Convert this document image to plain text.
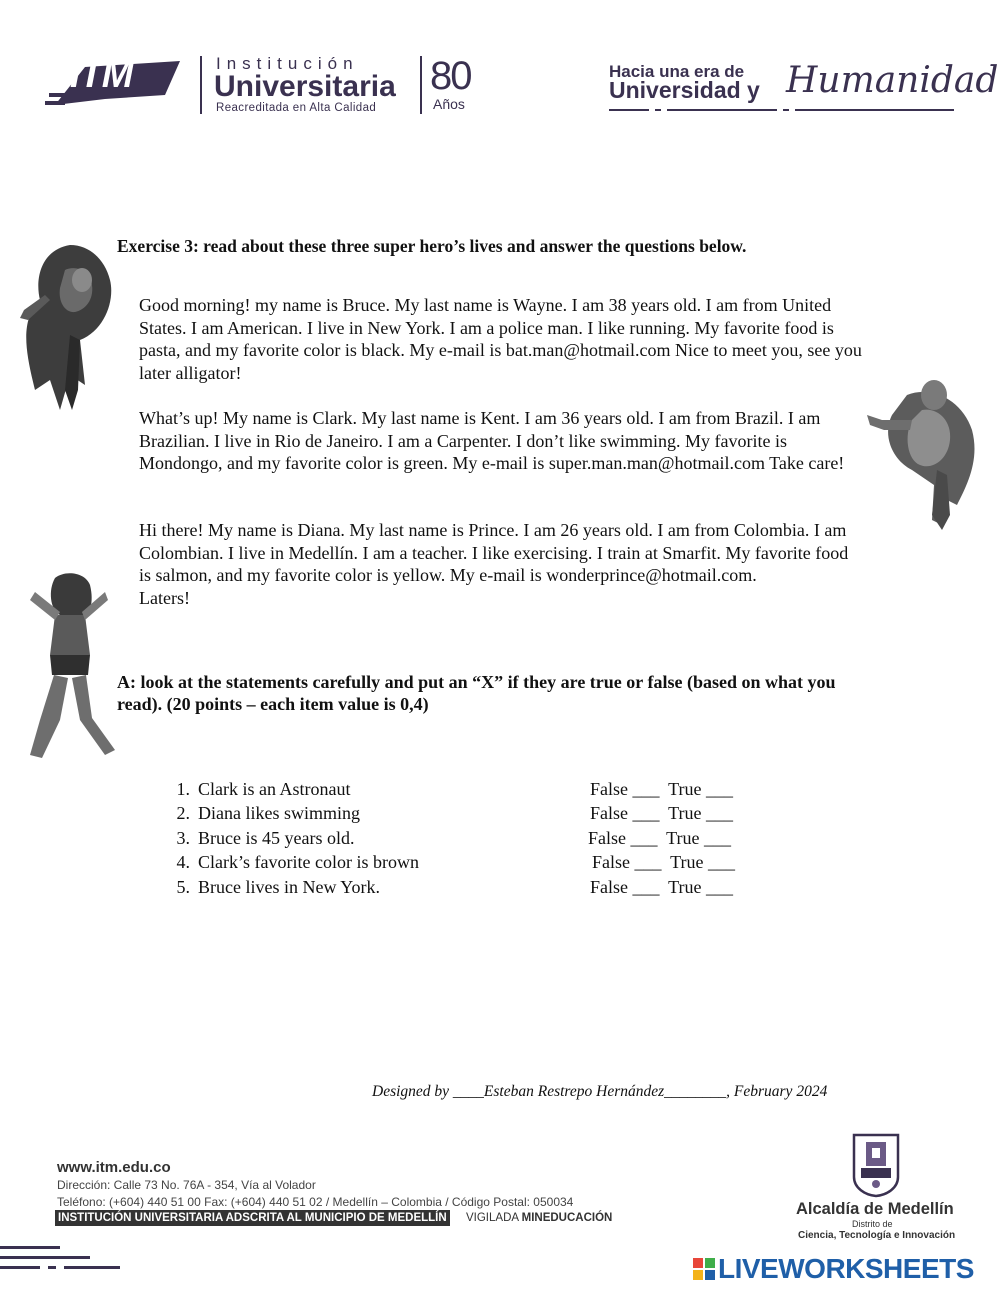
iTM	Institución
Universitaria
Reacreditada en Alta Calidad
80
Años
Hacia una era de
Universidad y Humanidad
Exercise 3: read about these three super hero’s lives and answer the questions below.
Good morning! my name is Bruce. My last name is Wayne. I am 38 years old. I am from United States. I am American. I live in New York. I am a police man. I like running. My favorite food is pasta, and my favorite color is black. My e-mail is bat.man@hotmail.com Nice to meet you, see you later alligator!
What’s up! My name is Clark. My last name is Kent. I am 36 years old. I am from Brazil. I am Brazilian. I live in Rio de Janeiro. I am a Carpenter. I don’t like swimming. My favorite is Mondongo, and my favorite color is green. My e-mail is super.man.man@hotmail.com Take care!
Hi there! My name is Diana. My last name is Prince. I am 26 years old. I am from Colombia. I am Colombian. I live in Medellín. I am a teacher. I like exercising. I train at Smarfit. My favorite food is salmon, and my favorite color is yellow. My e-mail is wonderprince@hotmail.com.
Laters!
A: look at the statements carefully and put an “X” if they are true or false (based on what you read). (20 points – each item value is 0,4)
1. Clark is an Astronaut	False ___  True ___
2. Diana likes swimming	False ___  True ___
3. Bruce is 45 years old.	False ___  True ___
4. Clark’s favorite color is brown	False ___  True ___
5. Bruce lives in New York.	False ___  True ___
Designed by ____Esteban Restrepo Hernández________, February 2024
www.itm.edu.co
Dirección: Calle 73 No. 76A - 354, Vía al Volador
Teléfono: (+604) 440 51 00 Fax: (+604) 440 51 02 / Medellín – Colombia / Código Postal: 050034
INSTITUCIÓN UNIVERSITARIA ADSCRITA AL MUNICIPIO DE MEDELLÍN VIGILADA MINEDUCACIÓN	Alcaldía de Medellín
Distrito de
Ciencia, Tecnología e Innovación
LIVEWORKSHEETS
